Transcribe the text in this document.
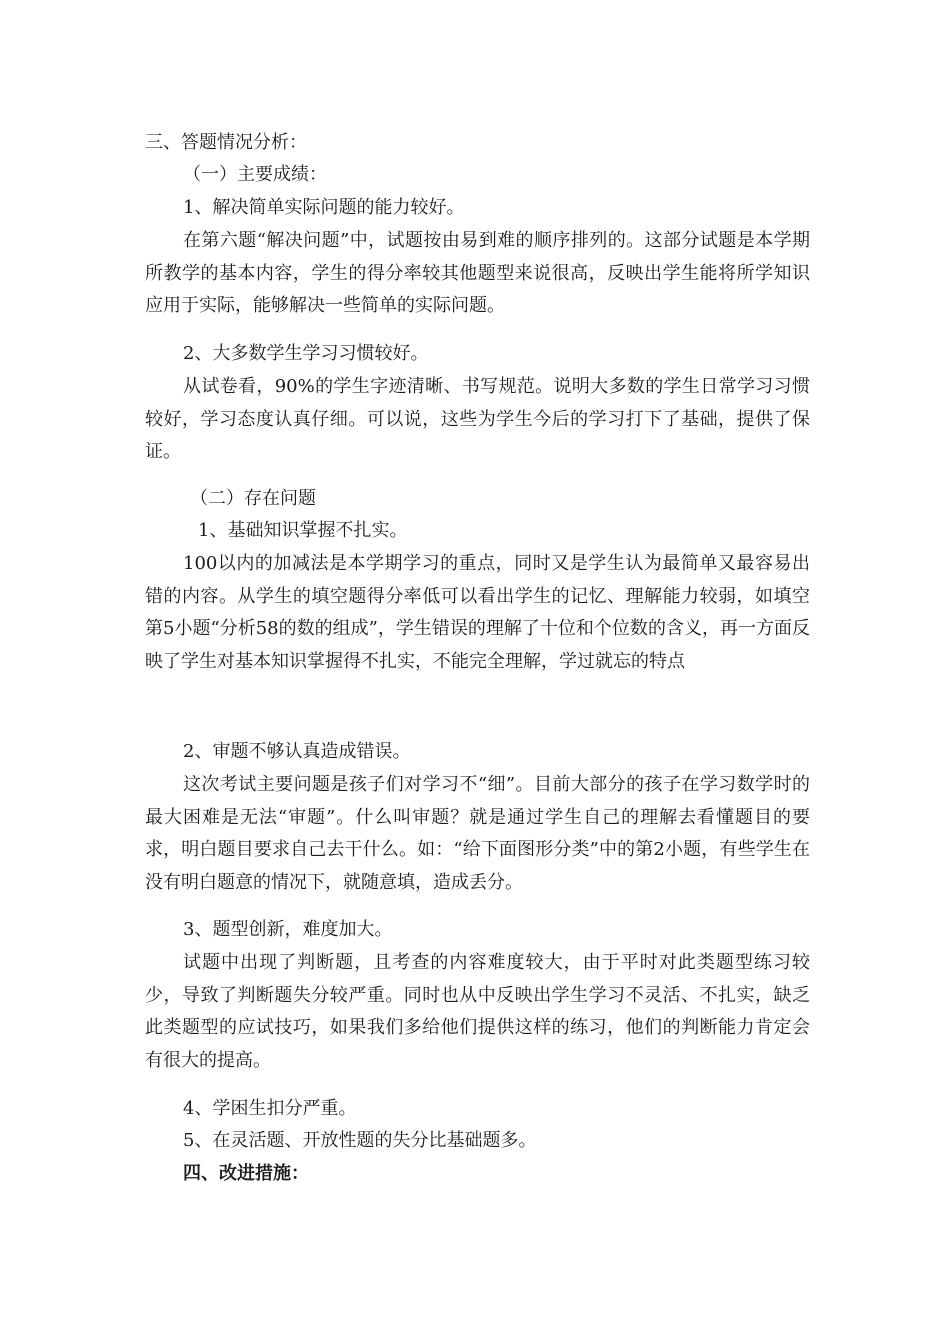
三、答题情况分析：

（一）主要成绩：

1、解决简单实际问题的能力较好。

在第六题“解决问题”中，试题按由易到难的顺序排列的。这部分试题是本学期所教学的基本内容，学生的得分率较其他题型来说很高，反映出学生能将所学知识应用于实际，能够解决一些简单的实际问题。

2、大多数学生学习习惯较好。

从试卷看，90%的学生字迹清晰、书写规范。说明大多数的学生日常学习习惯较好，学习态度认真仔细。可以说，这些为学生今后的学习打下了基础，提供了保证。

（二）存在问题

1、基础知识掌握不扎实。

100以内的加减法是本学期学习的重点，同时又是学生认为最简单又最容易出错的内容。从学生的填空题得分率低可以看出学生的记忆、理解能力较弱，如填空第5小题“分析58的数的组成”，学生错误的理解了十位和个位数的含义，再一方面反映了学生对基本知识掌握得不扎实，不能完全理解，学过就忘的特点

2、审题不够认真造成错误。

这次考试主要问题是孩子们对学习不“细”。目前大部分的孩子在学习数学时的最大困难是无法“审题”。什么叫审题？就是通过学生自己的理解去看懂题目的要求，明白题目要求自己去干什么。如：“给下面图形分类”中的第2小题，有些学生在没有明白题意的情况下，就随意填，造成丢分。

3、题型创新，难度加大。

试题中出现了判断题，且考查的内容难度较大，由于平时对此类题型练习较少，导致了判断题失分较严重。同时也从中反映出学生学习不灵活、不扎实，缺乏此类题型的应试技巧，如果我们多给他们提供这样的练习，他们的判断能力肯定会有很大的提高。

4、学困生扣分严重。

5、在灵活题、开放性题的失分比基础题多。

四、改进措施：
